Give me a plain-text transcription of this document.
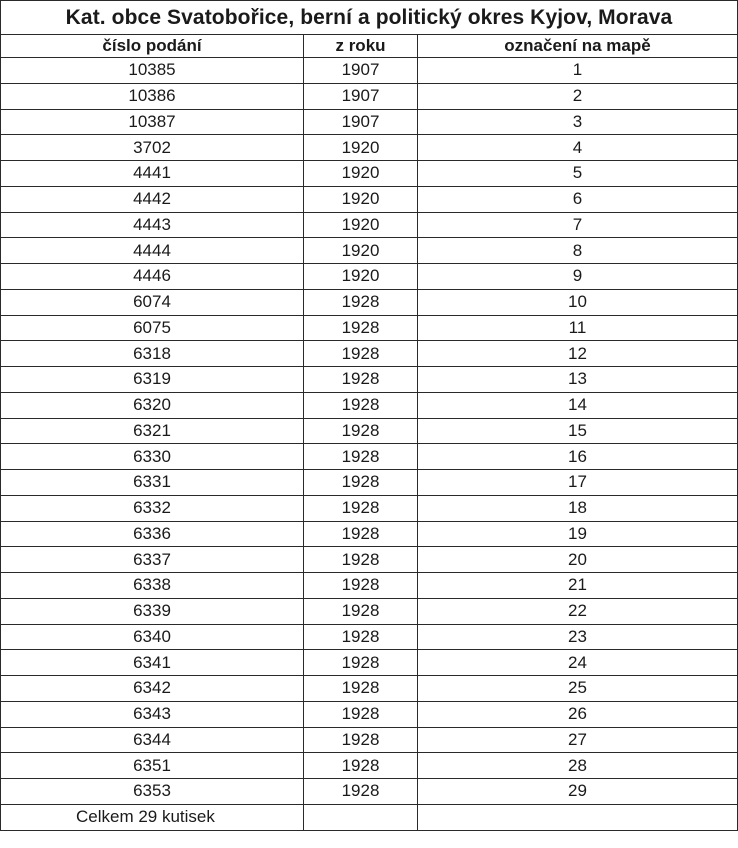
Kat. obce Svatobořice, berní a politický okres Kyjov, Morava		
číslo podání	z roku	označení na mapě
10385	1907	1
10386	1907	2
10387	1907	3
3702	1920	4
4441	1920	5
4442	1920	6
4443	1920	7
4444	1920	8
4446	1920	9
6074	1928	10
6075	1928	11
6318	1928	12
6319	1928	13
6320	1928	14
6321	1928	15
6330	1928	16
6331	1928	17
6332	1928	18
6336	1928	19
6337	1928	20
6338	1928	21
6339	1928	22
6340	1928	23
6341	1928	24
6342	1928	25
6343	1928	26
6344	1928	27
6351	1928	28
6353	1928	29
Celkem 29 kutisek		
